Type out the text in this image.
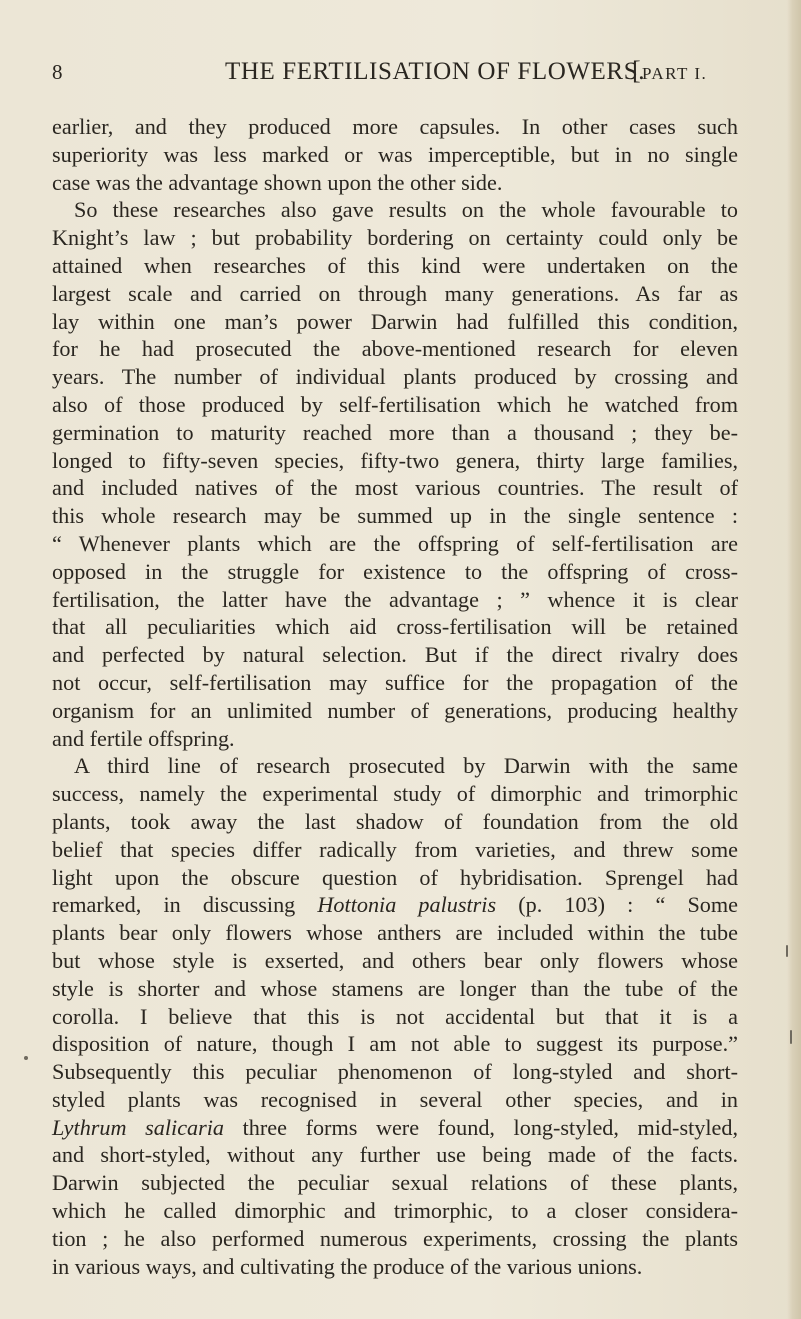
8	THE FERTILISATION OF FLOWERS.
[ PART I.
earlier, and they produced more capsules. In other cases such
superiority was less marked or was imperceptible, but in no single
case was the advantage shown upon the other side.
So these researches also gave results on the whole favourable to
Knight’s law ; but probability bordering on certainty could only be
attained when researches of this kind were undertaken on the
largest scale and carried on through many generations. As far as
lay within one man’s power Darwin had fulfilled this condition,
for he had prosecuted the above-mentioned research for eleven
years. The number of individual plants produced by crossing and
also of those produced by self-fertilisation which he watched from
germination to maturity reached more than a thousand ; they be-
longed to fifty-seven species, fifty-two genera, thirty large families,
and included natives of the most various countries. The result of
this whole research may be summed up in the single sentence :
“ Whenever plants which are the offspring of self-fertilisation are
opposed in the struggle for existence to the offspring of cross-
fertilisation, the latter have the advantage ; ” whence it is clear
that all peculiarities which aid cross-fertilisation will be retained
and perfected by natural selection. But if the direct rivalry does
not occur, self-fertilisation may suffice for the propagation of the
organism for an unlimited number of generations, producing healthy
and fertile offspring.
A third line of research prosecuted by Darwin with the same
success, namely the experimental study of dimorphic and trimorphic
plants, took away the last shadow of foundation from the old
belief that species differ radically from varieties, and threw some
light upon the obscure question of hybridisation. Sprengel had
remarked, in discussing Hottonia palustris (p. 103) : “ Some
plants bear only flowers whose anthers are included within the tube
but whose style is exserted, and others bear only flowers whose
style is shorter and whose stamens are longer than the tube of the
corolla. I believe that this is not accidental but that it is a
disposition of nature, though I am not able to suggest its purpose.”
Subsequently this peculiar phenomenon of long-styled and short-
styled plants was recognised in several other species, and in
Lythrum salicaria three forms were found, long-styled, mid-styled,
and short-styled, without any further use being made of the facts.
Darwin subjected the peculiar sexual relations of these plants,
which he called dimorphic and trimorphic, to a closer considera-
tion ; he also performed numerous experiments, crossing the plants
in various ways, and cultivating the produce of the various unions.
